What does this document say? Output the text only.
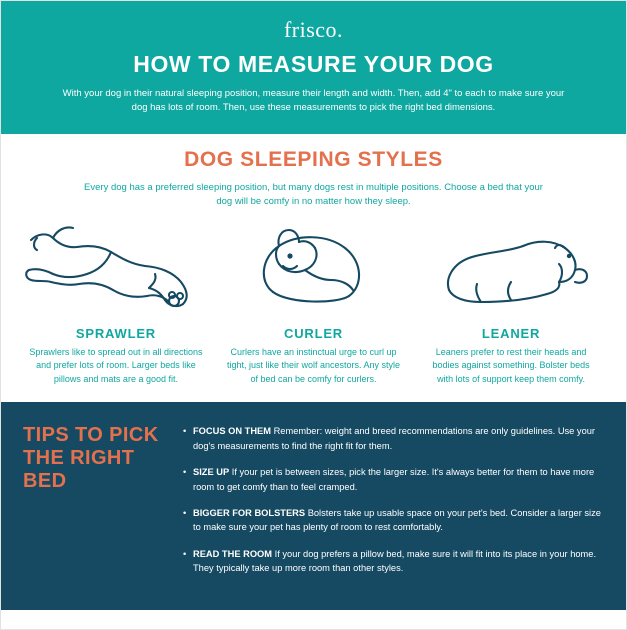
frisco.
HOW TO MEASURE YOUR DOG
With your dog in their natural sleeping position, measure their length and width. Then, add 4" to each to make sure your dog has lots of room. Then, use these measurements to pick the right bed dimensions.
DOG SLEEPING STYLES
Every dog has a preferred sleeping position, but many dogs rest in multiple positions. Choose a bed that your dog will be comfy in no matter how they sleep.
SPRAWLER
Sprawlers like to spread out in all directions and prefer lots of room. Larger beds like pillows and mats are a good fit.
CURLER
Curlers have an instinctual urge to curl up tight, just like their wolf ancestors. Any style of bed can be comfy for curlers.
LEANER
Leaners prefer to rest their heads and bodies against something. Bolster beds with lots of support keep them comfy.
TIPS TO PICK THE RIGHT BED
• FOCUS ON THEM Remember: weight and breed recommendations are only guidelines. Use your dog's measurements to find the right fit for them.
• SIZE UP If your pet is between sizes, pick the larger size. It's always better for them to have more room to get comfy than to feel cramped.
• BIGGER FOR BOLSTERS Bolsters take up usable space on your pet's bed. Consider a larger size to make sure your pet has plenty of room to rest comfortably.
• READ THE ROOM If your dog prefers a pillow bed, make sure it will fit into its place in your home. They typically take up more room than other styles.
